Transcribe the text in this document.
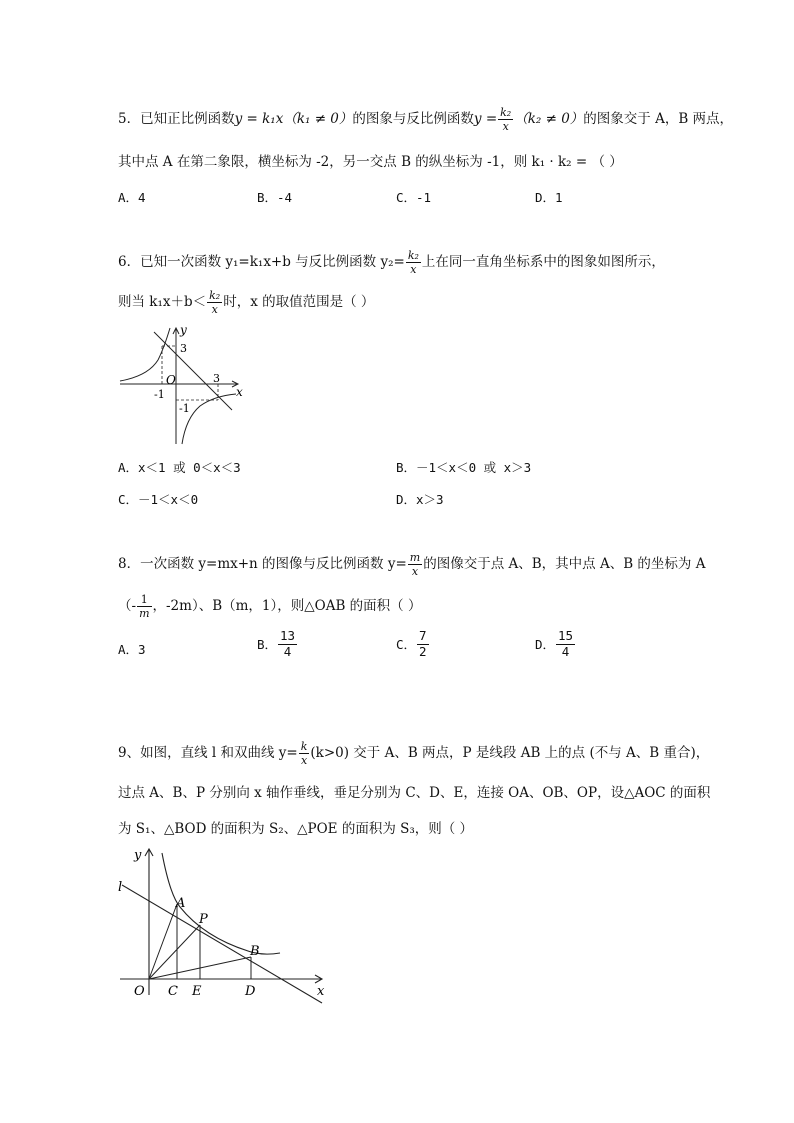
5．已知正比例函数y = k₁x（k₁ ≠ 0）的图象与反比例函数$y = \frac{\text{k₂}}{x} (k_2 \ne 0)$的图象交于 A，B 两点，
其中点 A 在第二象限，横坐标为 -2，另一交点 B 的纵坐标为 -1，则 k₁ · k₂ = （ ）
A．4	B．-4	C．-1	D．1
6．已知一次函数 y₁=k₁x+b 与反比例函数 $y_2= \frac{\text{k₂}}{x}$ 上在同一直角坐标系中的图象如图所示，
则当 $k_1x+b< \frac{\text{k₂}}{x}$ 时，x 的取值范围是（ ）
y
x
O
3
3
-1
-1
A．x＜1 或 0＜x＜3	B．－1＜x＜0 或 x＞3
C．－1＜x＜0	D．x＞3
8．一次函数 y=mx+n 的图像与反比例函数 $y= \frac{m}{x}$ 的图像交于点 A、B，其中点 A、B 的坐标为 A
（- $\frac{1}{m}$ ，-2m）、B（m，1），则△OAB 的面积（ ）
A．3	B． $\frac{13}{4}$	C． $\frac{7}{2}$	D． $\frac{15}{4}$
9、如图，直线 l 和双曲线 $y= \frac{k}{x} (k>0)$ 交于 A、B 两点，P 是线段 AB 上的点 (不与 A、B 重合)，
过点 A、B、P 分别向 x 轴作垂线，垂足分别为 C、D、E，连接 OA、OB、OP，设△AOC 的面积
为 S₁、△BOD 的面积为 S₂、△POE 的面积为 S₃，则（ ）
y
x
l
A
P
B
O C E	D
